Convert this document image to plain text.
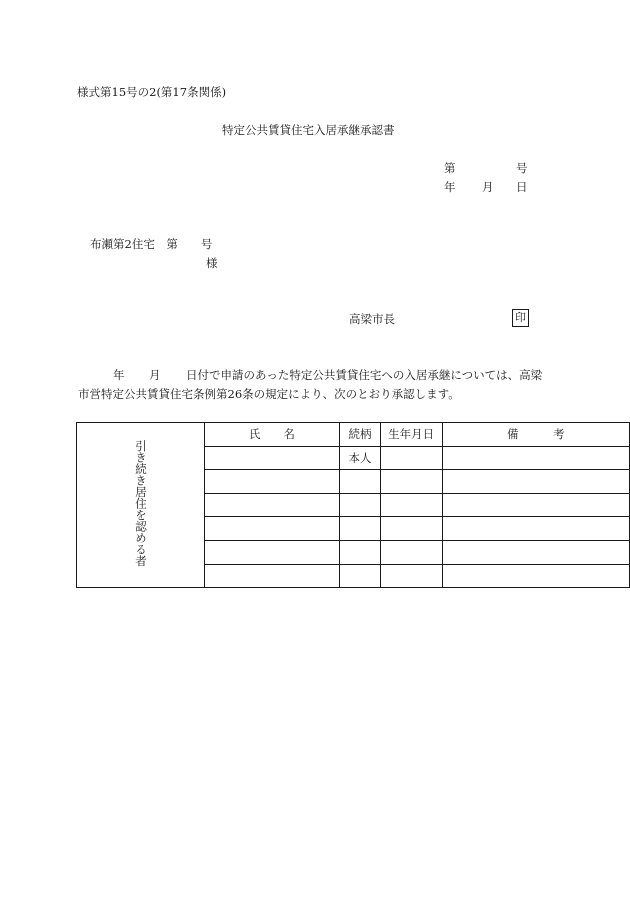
様式第15号の2(第17条関係)
特定公共賃貸住宅入居承継承認書
第	号
年 月 日
布瀬第2住宅　第　　号
様
高梁市長	印
年 月 日付で申請のあった特定公共賃貸住宅への入居承継については、高梁
市営特定公共賃貸住宅条例第26条の規定により、次のとおり承認します。
引き続き居住を認める者	氏　　名	続柄	生年月日	備　　　考
		本人		
